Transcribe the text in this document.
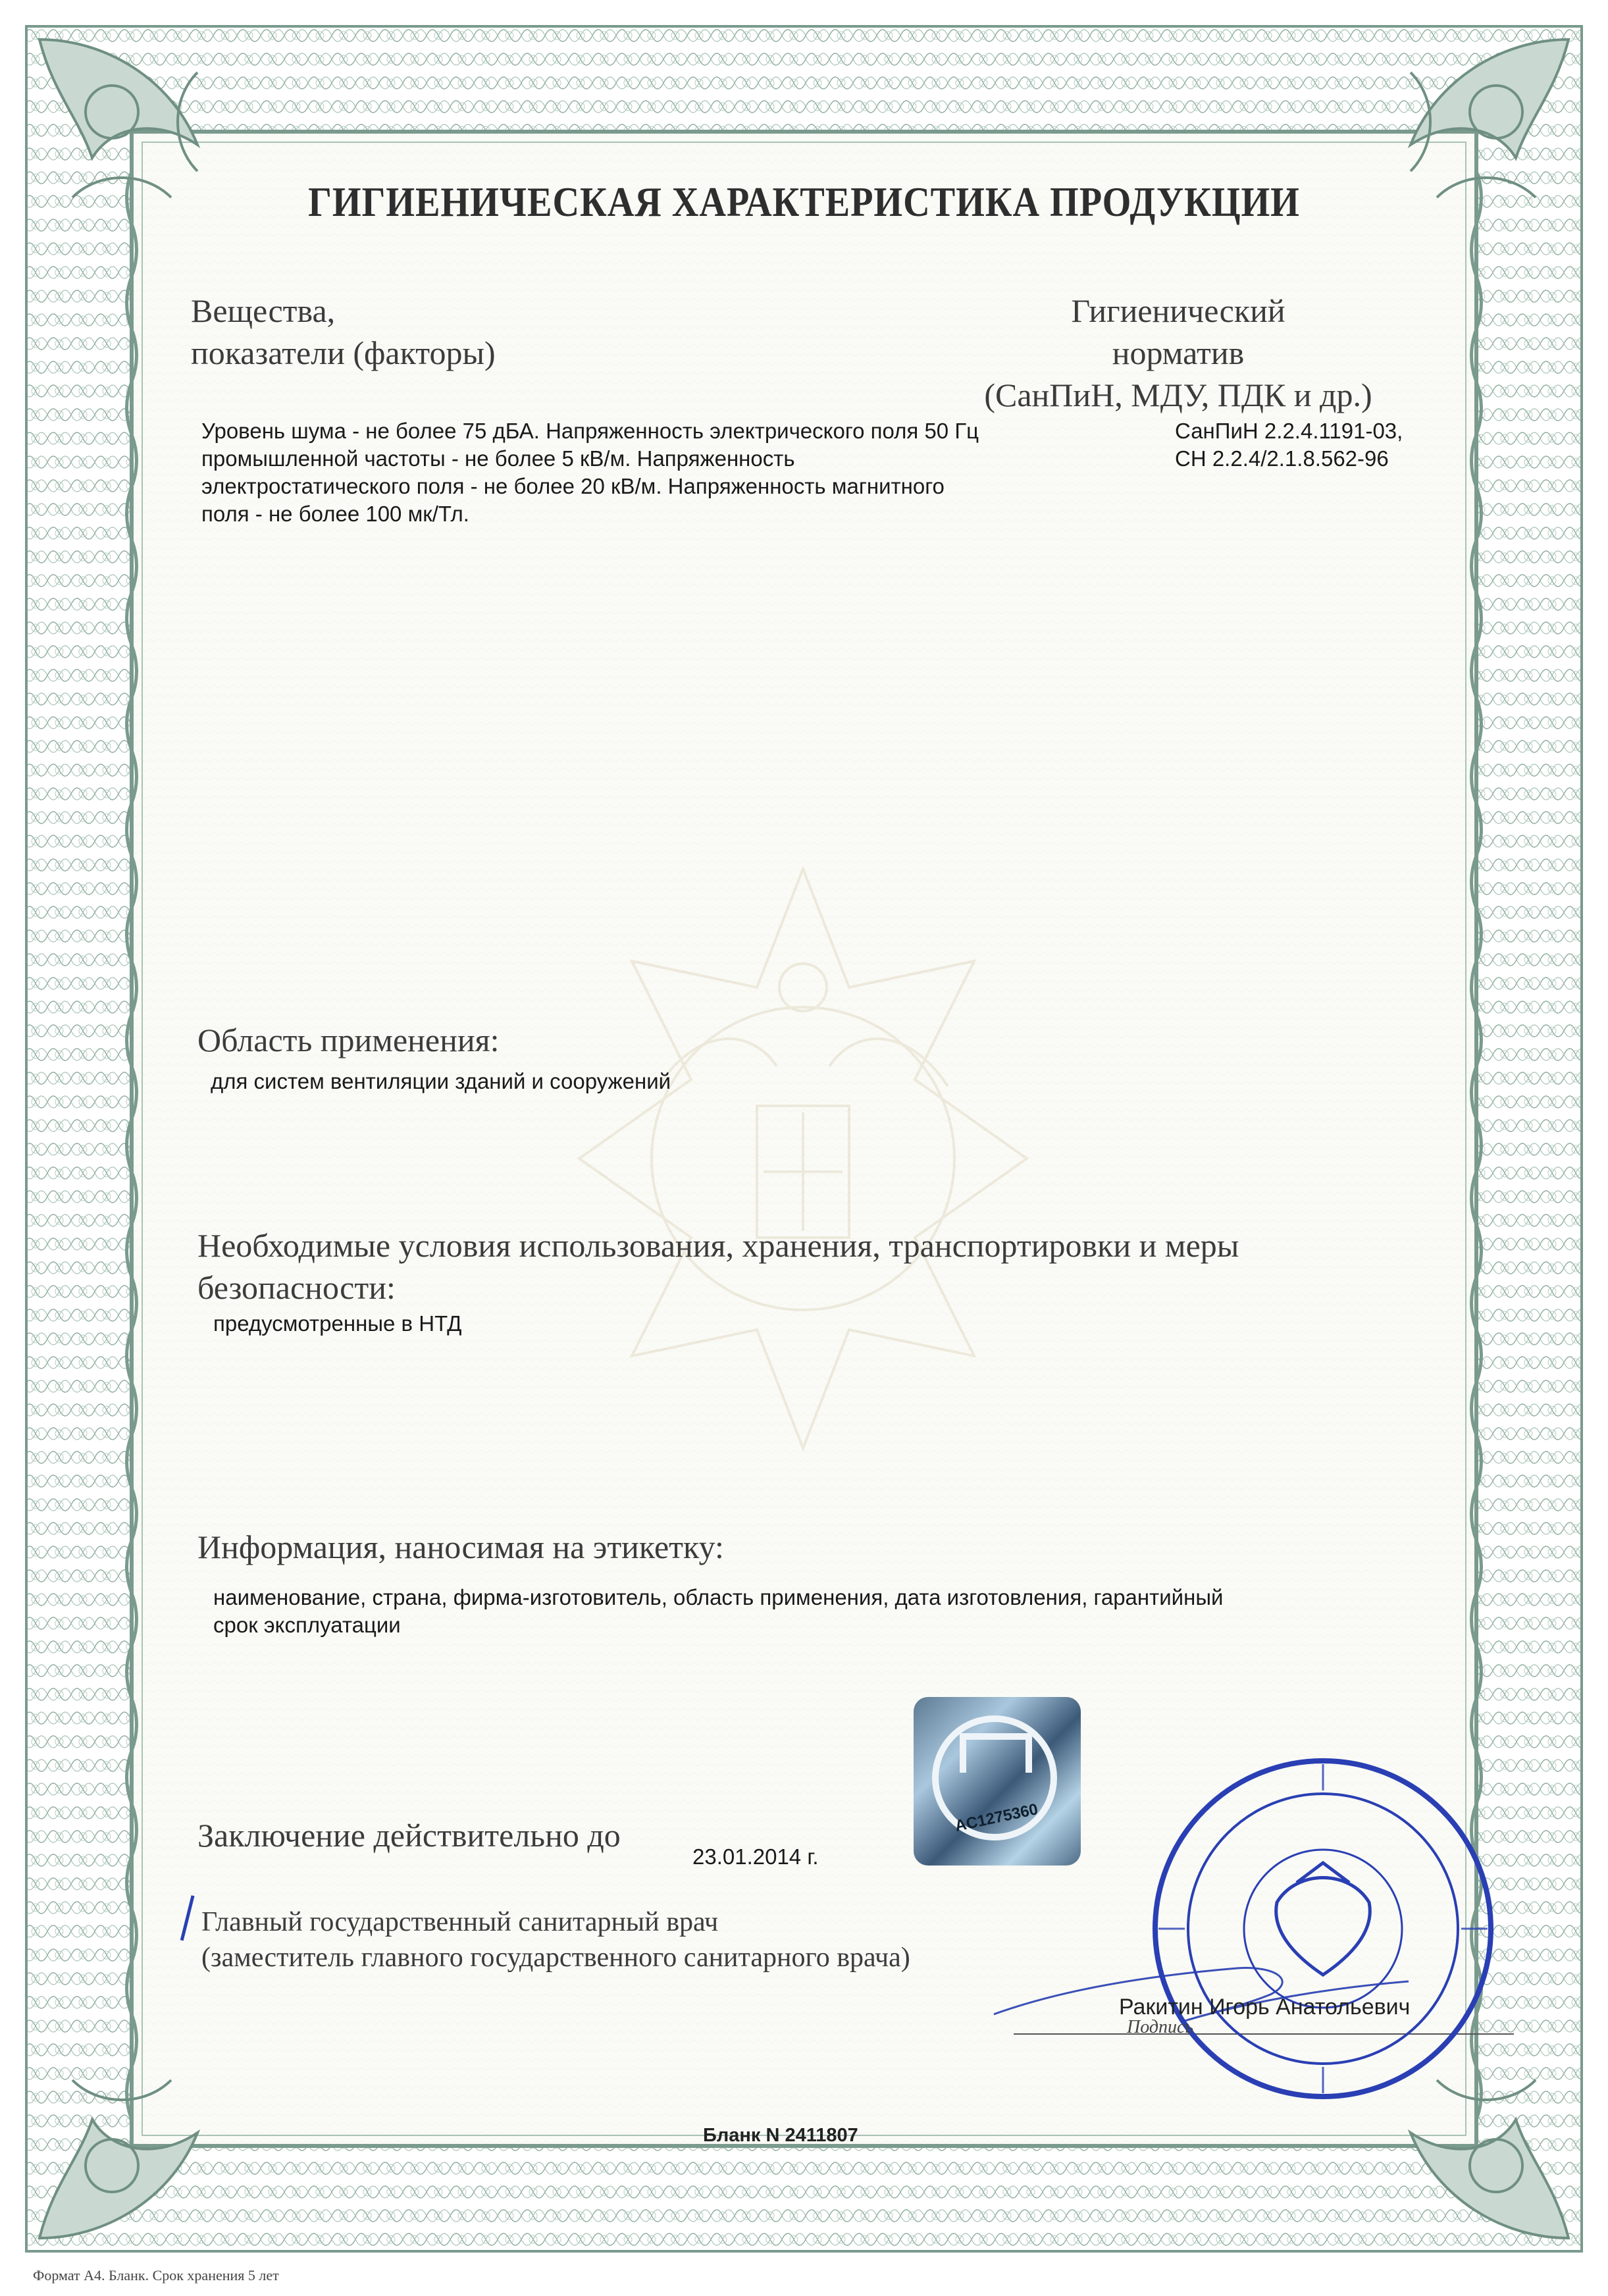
ГИГИЕНИЧЕСКАЯ ХАРАКТЕРИСТИКА ПРОДУКЦИИ
Вещества,
показатели (факторы)
Гигиенический
норматив
(СанПиН, МДУ, ПДК и др.)
Уровень шума - не более 75 дБА. Напряженность электрического поля 50 Гц
промышленной частоты - не более 5 кВ/м. Напряженность
электростатического поля - не более 20 кВ/м. Напряженность магнитного
поля - не более 100 мк/Тл.
СанПиН 2.2.4.1191-03,
СН 2.2.4/2.1.8.562-96
Область применения:
для систем вентиляции зданий и сооружений
Необходимые условия использования, хранения, транспортировки и меры
безопасности:
предусмотренные в НТД
Информация, наносимая на этикетку:
наименование, страна, фирма-изготовитель, область применения, дата изготовления, гарантийный
срок эксплуатации
AC1275360
Заключение действительно до
23.01.2014 г.
Главный государственный санитарный врач
(заместитель главного государственного санитарного врача)
Ракитин Игорь Анатольевич
Подпись
Бланк N 2411807
Формат А4. Бланк. Срок хранения 5 лет
